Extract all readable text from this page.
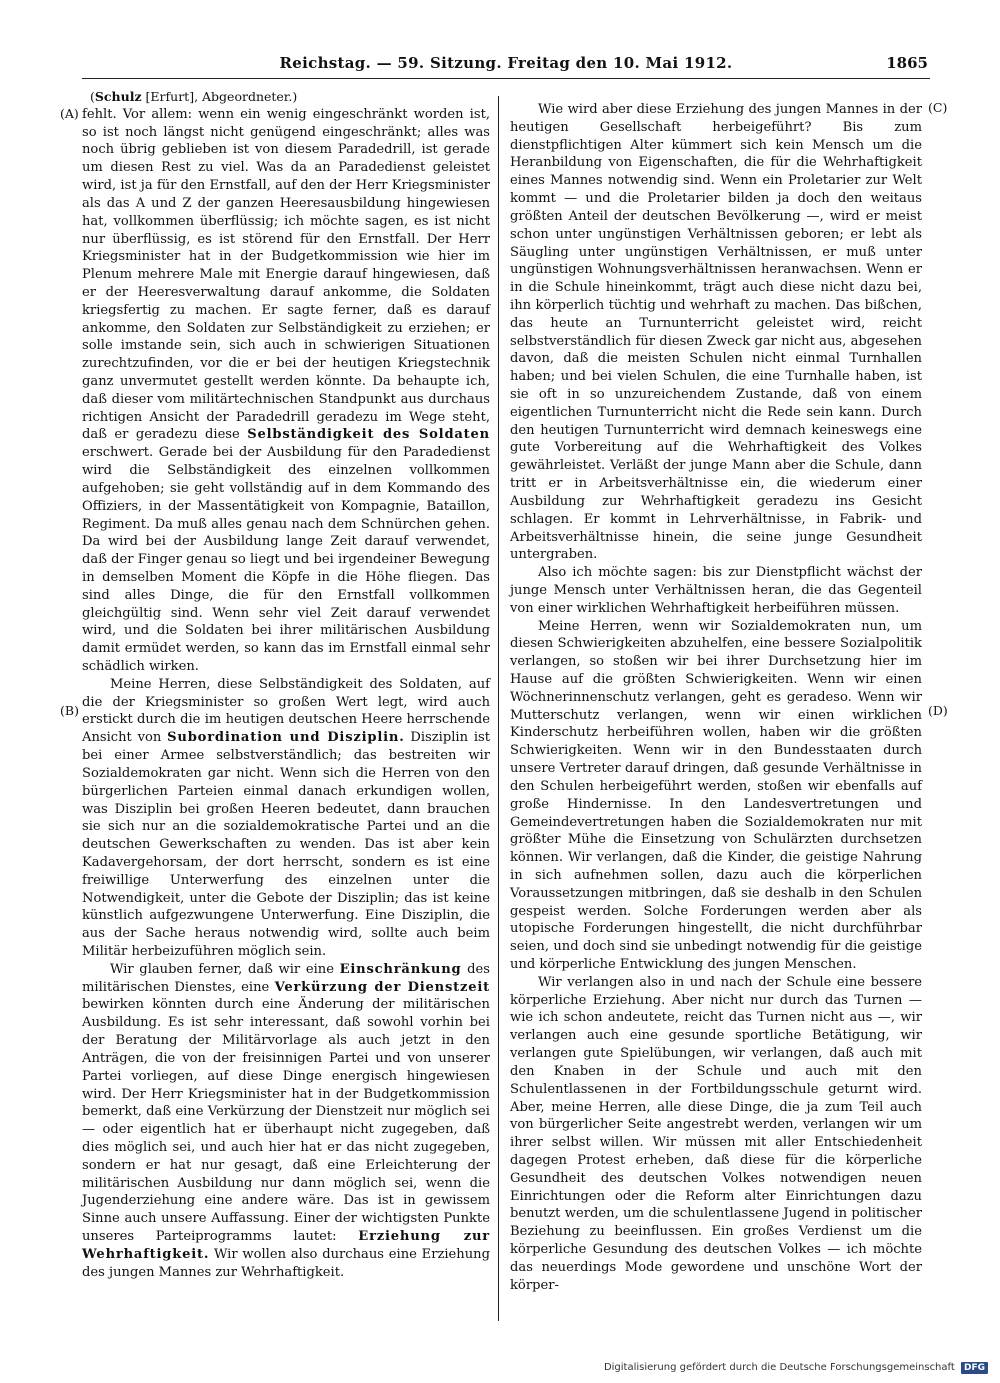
Reichstag. — 59. Sitzung. Freitag den 10. Mai 1912.	1865
(A)
(B)
(C)
(D)
(Schulz [Erfurt], Abgeordneter.)

fehlt. Vor allem: wenn ein wenig eingeschränkt worden ist, so ist noch längst nicht genügend eingeschränkt; alles was noch übrig geblieben ist von diesem Paradedrill, ist gerade um diesen Rest zu viel. Was da an Paradedienst geleistet wird, ist ja für den Ernstfall, auf den der Herr Kriegsminister als das A und Z der ganzen Heeresausbildung hingewiesen hat, vollkommen überflüssig; ich möchte sagen, es ist nicht nur überflüssig, es ist störend für den Ernstfall. Der Herr Kriegsminister hat in der Budgetkommission wie hier im Plenum mehrere Male mit Energie darauf hingewiesen, daß er der Heeresverwaltung darauf ankomme, die Soldaten kriegsfertig zu machen. Er sagte ferner, daß es darauf ankomme, den Soldaten zur Selbständigkeit zu erziehen; er solle imstande sein, sich auch in schwierigen Situationen zurechtzufinden, vor die er bei der heutigen Kriegstechnik ganz unvermutet gestellt werden könnte. Da behaupte ich, daß dieser vom militärtechnischen Standpunkt aus durchaus richtigen Ansicht der Paradedrill geradezu im Wege steht, daß er geradezu diese Selbständigkeit des Soldaten erschwert. Gerade bei der Ausbildung für den Paradedienst wird die Selbständigkeit des einzelnen vollkommen aufgehoben; sie geht vollständig auf in dem Kommando des Offiziers, in der Massentätigkeit von Kompagnie, Bataillon, Regiment. Da muß alles genau nach dem Schnürchen gehen. Da wird bei der Ausbildung lange Zeit darauf verwendet, daß der Finger genau so liegt und bei irgendeiner Bewegung in demselben Moment die Köpfe in die Höhe fliegen. Das sind alles Dinge, die für den Ernstfall vollkommen gleichgültig sind. Wenn sehr viel Zeit darauf verwendet wird, und die Soldaten bei ihrer militärischen Ausbildung damit ermüdet werden, so kann das im Ernstfall einmal sehr schädlich wirken.

Meine Herren, diese Selbständigkeit des Soldaten, auf die der Kriegsminister so großen Wert legt, wird auch erstickt durch die im heutigen deutschen Heere herrschende Ansicht von Subordination und Disziplin. Disziplin ist bei einer Armee selbstverständlich; das bestreiten wir Sozialdemokraten gar nicht. Wenn sich die Herren von den bürgerlichen Parteien einmal danach erkundigen wollen, was Disziplin bei großen Heeren bedeutet, dann brauchen sie sich nur an die sozialdemokratische Partei und an die deutschen Gewerkschaften zu wenden. Das ist aber kein Kadavergehorsam, der dort herrscht, sondern es ist eine freiwillige Unterwerfung des einzelnen unter die Notwendigkeit, unter die Gebote der Disziplin; das ist keine künstlich aufgezwungene Unterwerfung. Eine Disziplin, die aus der Sache heraus notwendig wird, sollte auch beim Militär herbeizuführen möglich sein.

Wir glauben ferner, daß wir eine Einschränkung des militärischen Dienstes, eine Verkürzung der Dienstzeit bewirken könnten durch eine Änderung der militärischen Ausbildung. Es ist sehr interessant, daß sowohl vorhin bei der Beratung der Militärvorlage als auch jetzt in den Anträgen, die von der freisinnigen Partei und von unserer Partei vorliegen, auf diese Dinge energisch hingewiesen wird. Der Herr Kriegsminister hat in der Budgetkommission bemerkt, daß eine Verkürzung der Dienstzeit nur möglich sei — oder eigentlich hat er überhaupt nicht zugegeben, daß dies möglich sei, und auch hier hat er das nicht zugegeben, sondern er hat nur gesagt, daß eine Erleichterung der militärischen Ausbildung nur dann möglich sei, wenn die Jugenderziehung eine andere wäre. Das ist in gewissem Sinne auch unsere Auffassung. Einer der wichtigsten Punkte unseres Parteiprogramms lautet: Erziehung zur Wehrhaftigkeit. Wir wollen also durchaus eine Erziehung des jungen Mannes zur Wehrhaftigkeit.

Wie wird aber diese Erziehung des jungen Mannes in der heutigen Gesellschaft herbeigeführt? Bis zum dienstpflichtigen Alter kümmert sich kein Mensch um die Heranbildung von Eigenschaften, die für die Wehrhaftigkeit eines Mannes notwendig sind. Wenn ein Proletarier zur Welt kommt — und die Proletarier bilden ja doch den weitaus größten Anteil der deutschen Bevölkerung —, wird er meist schon unter ungünstigen Verhältnissen geboren; er lebt als Säugling unter ungünstigen Verhältnissen, er muß unter ungünstigen Wohnungsverhältnissen heranwachsen. Wenn er in die Schule hineinkommt, trägt auch diese nicht dazu bei, ihn körperlich tüchtig und wehrhaft zu machen. Das bißchen, das heute an Turnunterricht geleistet wird, reicht selbstverständlich für diesen Zweck gar nicht aus, abgesehen davon, daß die meisten Schulen nicht einmal Turnhallen haben; und bei vielen Schulen, die eine Turnhalle haben, ist sie oft in so unzureichendem Zustande, daß von einem eigentlichen Turnunterricht nicht die Rede sein kann. Durch den heutigen Turnunterricht wird demnach keineswegs eine gute Vorbereitung auf die Wehrhaftigkeit des Volkes gewährleistet. Verläßt der junge Mann aber die Schule, dann tritt er in Arbeitsverhältnisse ein, die wiederum einer Ausbildung zur Wehrhaftigkeit geradezu ins Gesicht schlagen. Er kommt in Lehrverhältnisse, in Fabrik- und Arbeitsverhältnisse hinein, die seine junge Gesundheit untergraben.

Also ich möchte sagen: bis zur Dienstpflicht wächst der junge Mensch unter Verhältnissen heran, die das Gegenteil von einer wirklichen Wehrhaftigkeit herbeiführen müssen.

Meine Herren, wenn wir Sozialdemokraten nun, um diesen Schwierigkeiten abzuhelfen, eine bessere Sozialpolitik verlangen, so stoßen wir bei ihrer Durchsetzung hier im Hause auf die größten Schwierigkeiten. Wenn wir einen Wöchnerinnenschutz verlangen, geht es geradeso. Wenn wir Mutterschutz verlangen, wenn wir einen wirklichen Kinderschutz herbeiführen wollen, haben wir die größten Schwierigkeiten. Wenn wir in den Bundesstaaten durch unsere Vertreter darauf dringen, daß gesunde Verhältnisse in den Schulen herbeigeführt werden, stoßen wir ebenfalls auf große Hindernisse. In den Landesvertretungen und Gemeindevertretungen haben die Sozialdemokraten nur mit größter Mühe die Einsetzung von Schulärzten durchsetzen können. Wir verlangen, daß die Kinder, die geistige Nahrung in sich aufnehmen sollen, dazu auch die körperlichen Voraussetzungen mitbringen, daß sie deshalb in den Schulen gespeist werden. Solche Forderungen werden aber als utopische Forderungen hingestellt, die nicht durchführbar seien, und doch sind sie unbedingt notwendig für die geistige und körperliche Entwicklung des jungen Menschen.

Wir verlangen also in und nach der Schule eine bessere körperliche Erziehung. Aber nicht nur durch das Turnen — wie ich schon andeutete, reicht das Turnen nicht aus —, wir verlangen auch eine gesunde sportliche Betätigung, wir verlangen gute Spielübungen, wir verlangen, daß auch mit den Knaben in der Schule und auch mit den Schulentlassenen in der Fortbildungsschule geturnt wird. Aber, meine Herren, alle diese Dinge, die ja zum Teil auch von bürgerlicher Seite angestrebt werden, verlangen wir um ihrer selbst willen. Wir müssen mit aller Entschiedenheit dagegen Protest erheben, daß diese für die körperliche Gesundheit des deutschen Volkes notwendigen neuen Einrichtungen oder die Reform alter Einrichtungen dazu benutzt werden, um die schulentlassene Jugend in politischer Beziehung zu beeinflussen. Ein großes Verdienst um die körperliche Gesundung des deutschen Volkes — ich möchte das neuerdings Mode gewordene und unschöne Wort der körper-

Digitalisierung gefördert durch die Deutsche Forschungsgemeinschaft DFG
